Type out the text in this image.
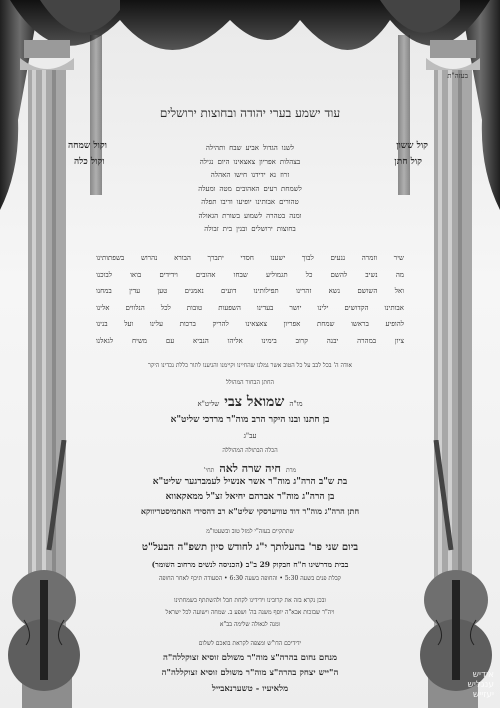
בעזה"ת
עוד ישמע בערי יהודה ובחוצות ירושלים
לשנו
הגדול
אביע
שבח
ותהילה
בצהלות
אפריון
צאצאינו
היום
נגילה
זרוז
נא
ידידנו
חישו
האהלה
לשמחת
רעים
האהובים
מטה
ומעלה
טהורים
אבותינו
יופיעו
ודיבו
תפלה
ומנה
בטהרה
לשמוע
בשורת
הגאולה
בחוצות
ירושלים
ובנין
בית
זבולה
קול ששון
קול חתן
וקול שמחה
וקול כלה
שיר
וזמרה
ננעים
לבוך
ישענו
חסדי
יתברך
הבורא
נהרוש
בשפתותינו
מה
נשיב
להשם
כל
תגמוליע
שבחו
אהובים
וידידים
בואו
לבוכנו
ואל
השושם
נשא
זהרינו
תפילותינו
דועים
נאמנים
טען
עדין
במחנו
אבותינו
הקדושים
ילינו
יושר
בעדינו
השפעות
טובות
לכל
הנלווים
אלינו
להופיע
בראשו
שמחת
אפריון
צאצאינו
להריק
ברכות
עלינו
ועל
בנינו
ציון
במהרה
יבנה
קרוב
בימינו
אליהו
הנביא
עם
משיח
לגאלנו
אודה ה' בכל לבב על כל הטוב אשר גמלנו שהחיינו וקיימנו והגיענו לתור כללת נכדינו היקר
החתן הבחור המהולל
מו"ה שמואל צבי שליט"א
בן חתנו ובנו היקר הרב מוה"ר מרדכי שליט"א
עב"ג
הכלה הבתולה המהוללה
מרת חיה שרה לאה תחי'
בת ש"ב הרה"ג מוה"ר אשר אנשיל לעמברגער שליט"א
בן הרה"ג מוה"ר אברהם יחיאל זצ"ל ממאקאווא
חתן הרה"ג מוה"ר דוד טוויערסקי שליט"א רב דהסידי האחמיסטריווקא
שתתקיים בעזה"י למזל טוב ובשעטו"מ
ביום שני פר' בהעלותך י"ג לחודש סיון תשפ"ה הבעל"ט
בבית מדרשינו ח"ח חבקוק 29 ב"ב (הכניסה לנשים מרחוב השומר)
קבלת פנים בשעה 5:30 • והחופה בשעה 6:30 • הסעודה תיכף לאחר החופה
ובכן נקרא בזה את קרובינו וידידינו לקחת חבל ולהשתתף בשמחתינו
ויה"ר שבזכות אבא"ה יוסף משנה בה' ושפע ב. שמחה וישועה לכל ישראל
ומנה לגאולה שלימה בב"א
ידידיכם הדו"ש ומצפה לקראת בואכם לשלום
מנחם נחום בהרה"צ מוה"ר משולם זוסיא זצוקללה"ה
ה"ייש יצחק בהרה"צ מוה"ר משולם זוסיא זצוקללה"ה
מלאיעיו - טשערנאבייל
אידיש
ענגליש
יעזייש
